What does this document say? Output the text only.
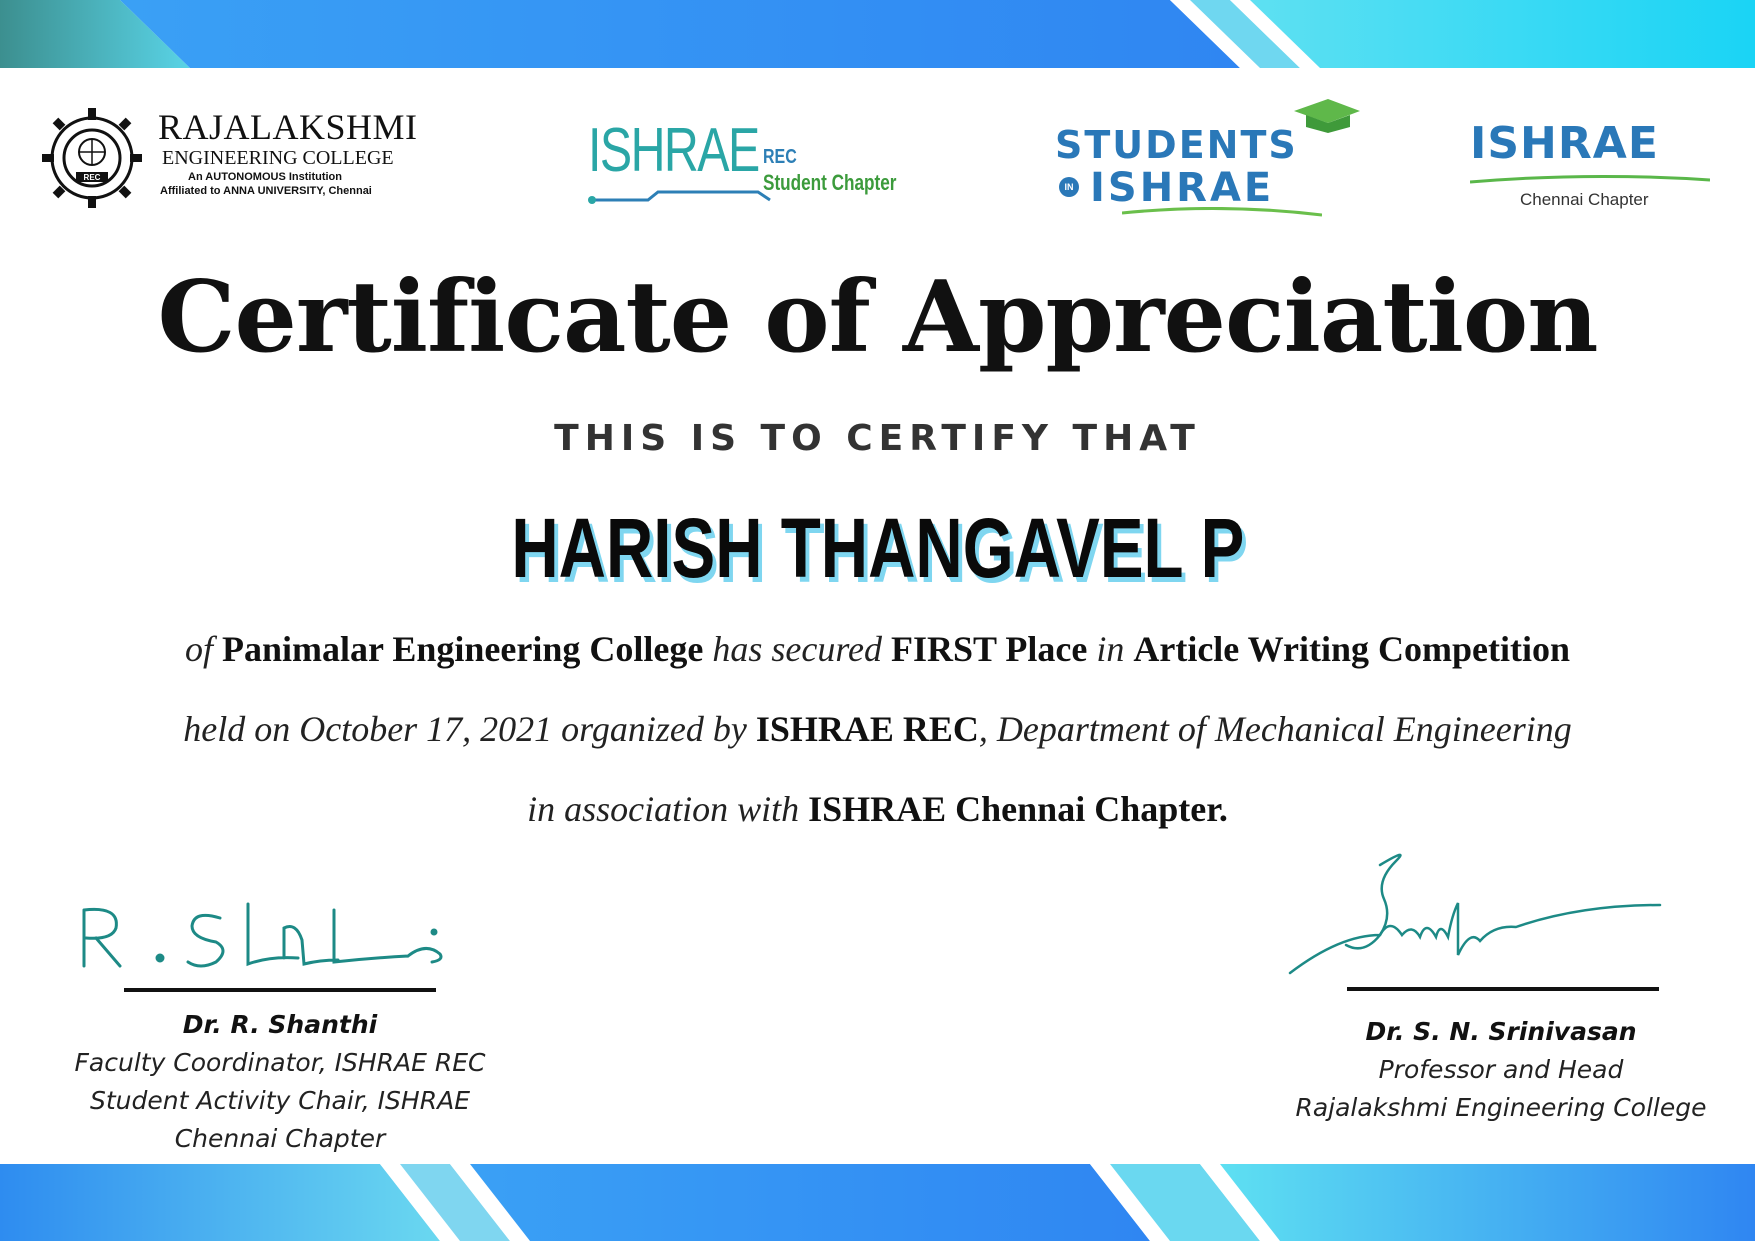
REC
RAJALAKSHMI
ENGINEERING COLLEGE
An AUTONOMOUS Institution
Affiliated to ANNA UNIVERSITY, Chennai
ISHRAE REC
Student Chapter
STUDENTS
IN ISHRAE
ISHRAE
Chennai Chapter
Certificate of Appreciation
THIS IS TO CERTIFY THAT
HARISH THANGAVEL P
of Panimalar Engineering College has secured FIRST Place in Article Writing Competition
held on October 17, 2021 organized by ISHRAE REC, Department of Mechanical Engineering
in association with ISHRAE Chennai Chapter.
Dr. R. Shanthi
Faculty Coordinator, ISHRAE REC
Student Activity Chair, ISHRAE
Chennai Chapter
Dr. S. N. Srinivasan
Professor and Head
Rajalakshmi Engineering College
